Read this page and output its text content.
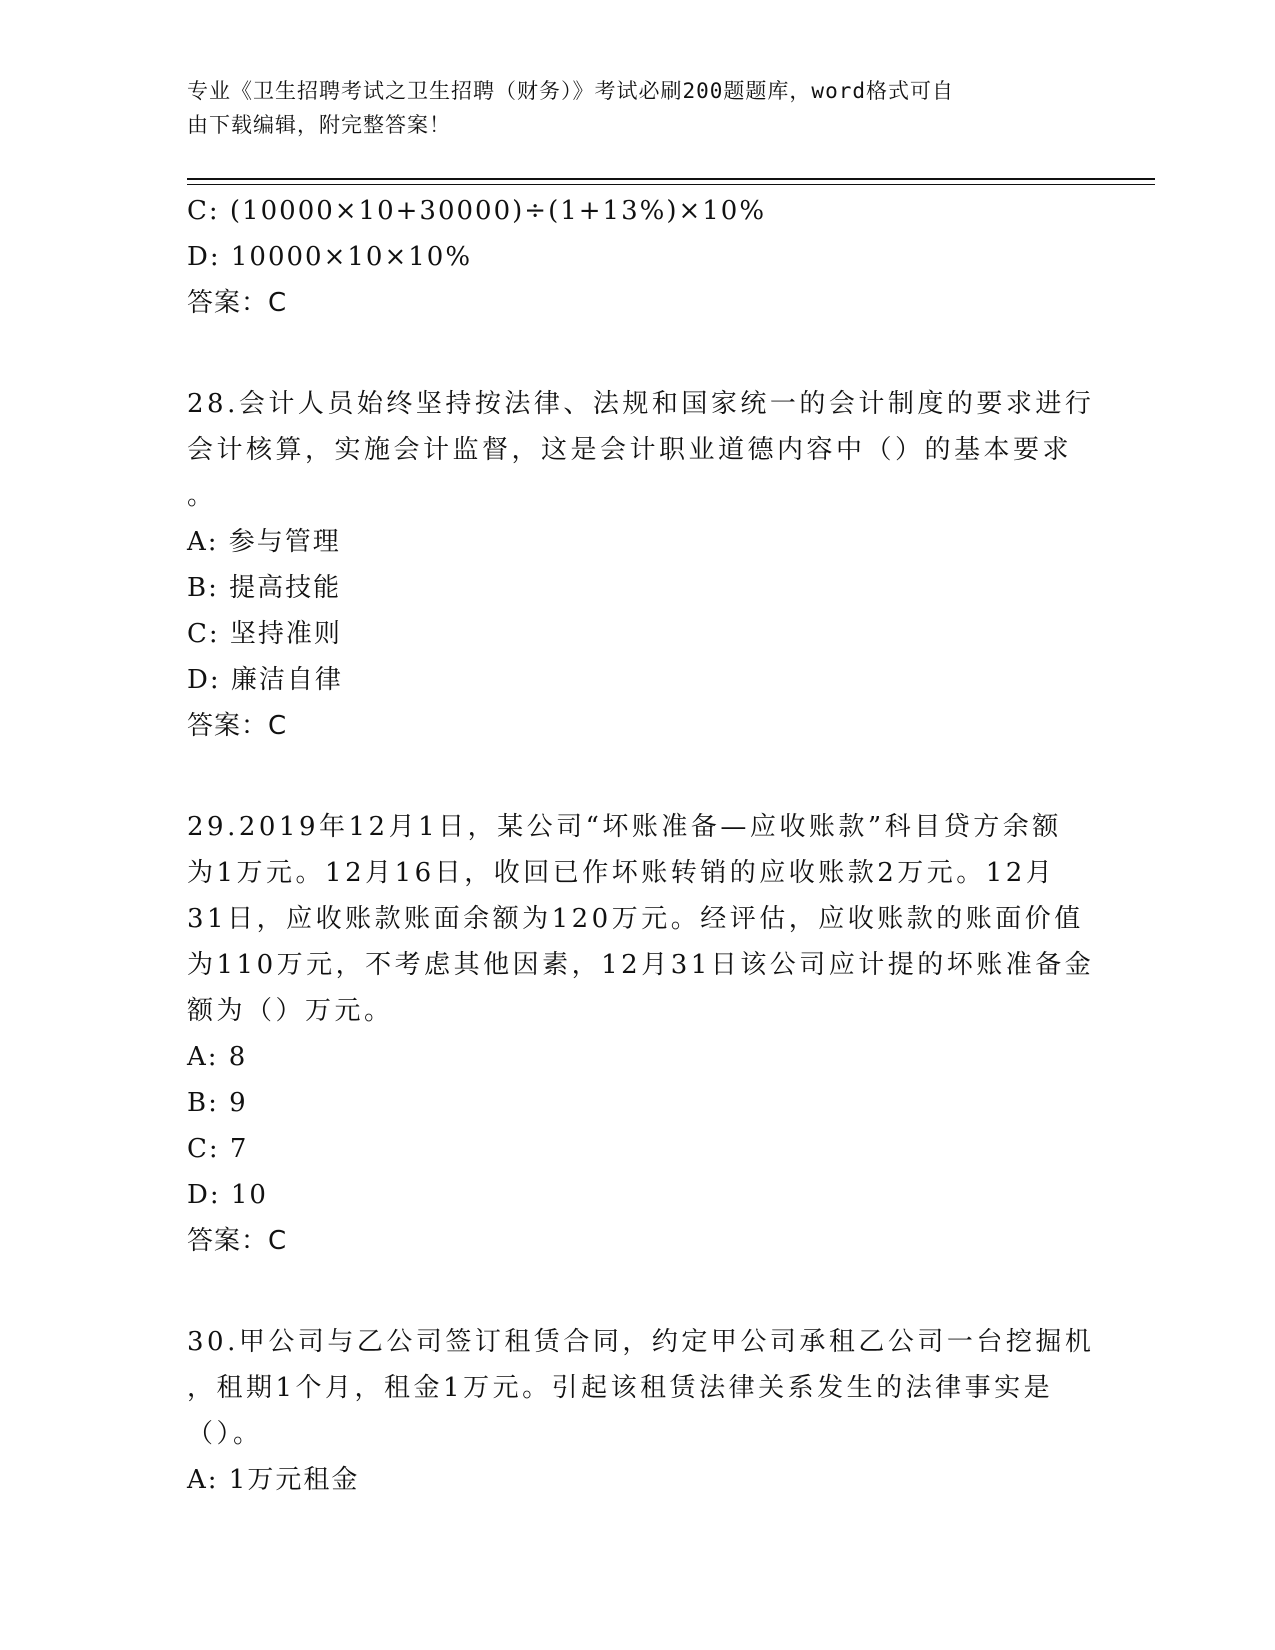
专业《卫生招聘考试之卫生招聘（财务）》考试必刷200题题库，word格式可自
由下载编辑，附完整答案！
C: (10000×10+30000)÷(1+13%)×10%
D: 10000×10×10%
答案：C
28.会计人员始终坚持按法律、法规和国家统一的会计制度的要求进行
会计核算，实施会计监督，这是会计职业道德内容中（）的基本要求
。
A: 参与管理
B: 提高技能
C: 坚持准则
D: 廉洁自律
答案：C
29.2019年12月1日，某公司“坏账准备—应收账款”科目贷方余额
为1万元。12月16日，收回已作坏账转销的应收账款2万元。12月
31日，应收账款账面余额为120万元。经评估，应收账款的账面价值
为110万元，不考虑其他因素，12月31日该公司应计提的坏账准备金
额为（）万元。
A: 8
B: 9
C: 7
D: 10
答案：C
30.甲公司与乙公司签订租赁合同，约定甲公司承租乙公司一台挖掘机
，租期1个月，租金1万元。引起该租赁法律关系发生的法律事实是
（）。
A: 1万元租金
